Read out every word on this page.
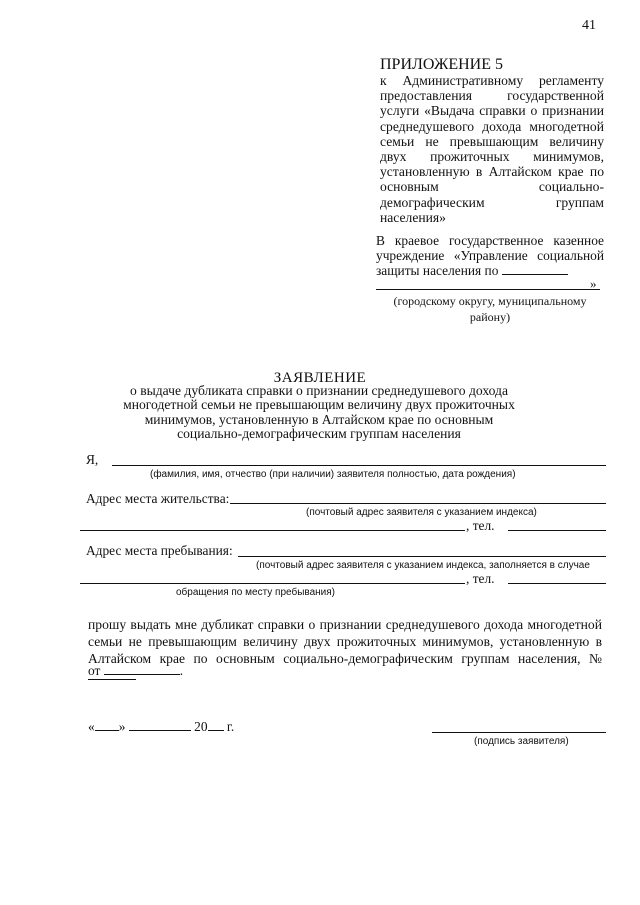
41
ПРИЛОЖЕНИЕ 5
к Административному регламенту предоставления государственной услуги «Выдача справки о признании среднедушевого дохода многодетной семьи не превышающим величину двух прожиточных минимумов, установленную в Алтайском крае по основным социально-демографическим группам населения»
В краевое государственное казенное учреждение «Управление социальной защиты населения по
»
(городскому округу, муниципальному району)
ЗАЯВЛЕНИЕ
о выдаче дубликата справки о признании среднедушевого дохода многодетной семьи не превышающим величину двух прожиточных минимумов, установленную в Алтайском крае по основным социально-демографическим группам населения
Я,
(фамилия, имя, отчество (при наличии) заявителя полностью, дата рождения)
Адрес места жительства:
(почтовый адрес заявителя с указанием индекса)
, тел.
Адрес места пребывания:
(почтовый адрес заявителя с указанием индекса, заполняется в случае
, тел.
обращения по месту пребывания)
прошу выдать мне дубликат справки о признании среднедушевого дохода многодетной семьи не превышающим величину двух прожиточных минимумов, установленную в Алтайском крае по основным социально-демографическим группам населения, №
от	.
« »	20 г.
(подпись заявителя)
